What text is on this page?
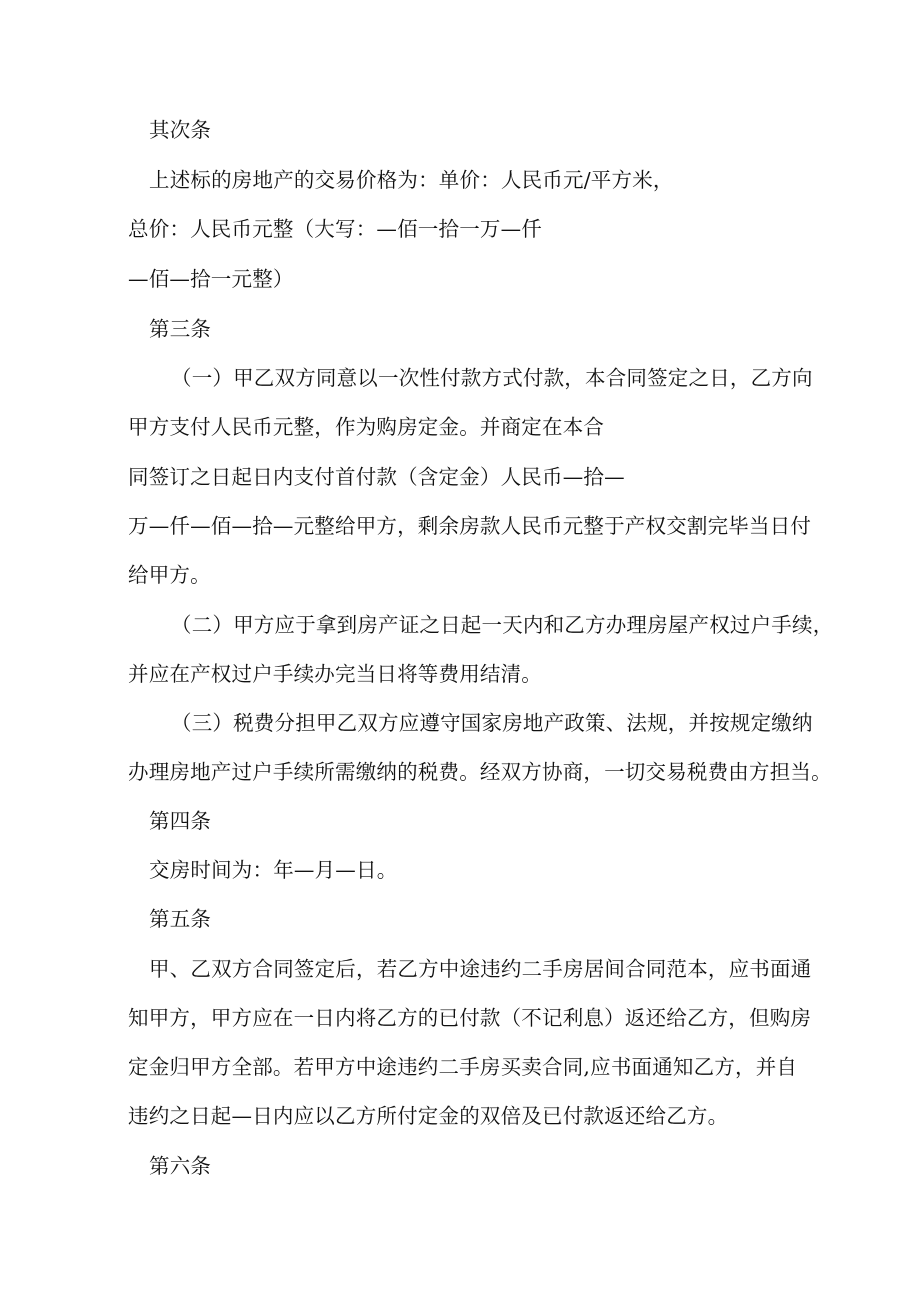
其次条

上述标的房地产的交易价格为：单价：人民币元/平方米，

总价：人民币元整（大写：—佰一拾一万—仟

—佰—拾一元整）

第三条

（一）甲乙双方同意以一次性付款方式付款，本合同签定之日，乙方向

甲方支付人民币元整，作为购房定金。并商定在本合

同签订之日起日内支付首付款（含定金）人民币—拾—

万—仟—佰—拾—元整给甲方，剩余房款人民币元整于产权交割完毕当日付

给甲方。

（二）甲方应于拿到房产证之日起一天内和乙方办理房屋产权过户手续，

并应在产权过户手续办完当日将等费用结清。

（三）税费分担甲乙双方应遵守国家房地产政策、法规，并按规定缴纳

办理房地产过户手续所需缴纳的税费。经双方协商，一切交易税费由方担当。

第四条

交房时间为：年—月—日。

第五条

甲、乙双方合同签定后，若乙方中途违约二手房居间合同范本，应书面通

知甲方，甲方应在一日内将乙方的已付款（不记利息）返还给乙方，但购房

定金归甲方全部。若甲方中途违约二手房买卖合同,应书面通知乙方，并自

违约之日起—日内应以乙方所付定金的双倍及已付款返还给乙方。

第六条
